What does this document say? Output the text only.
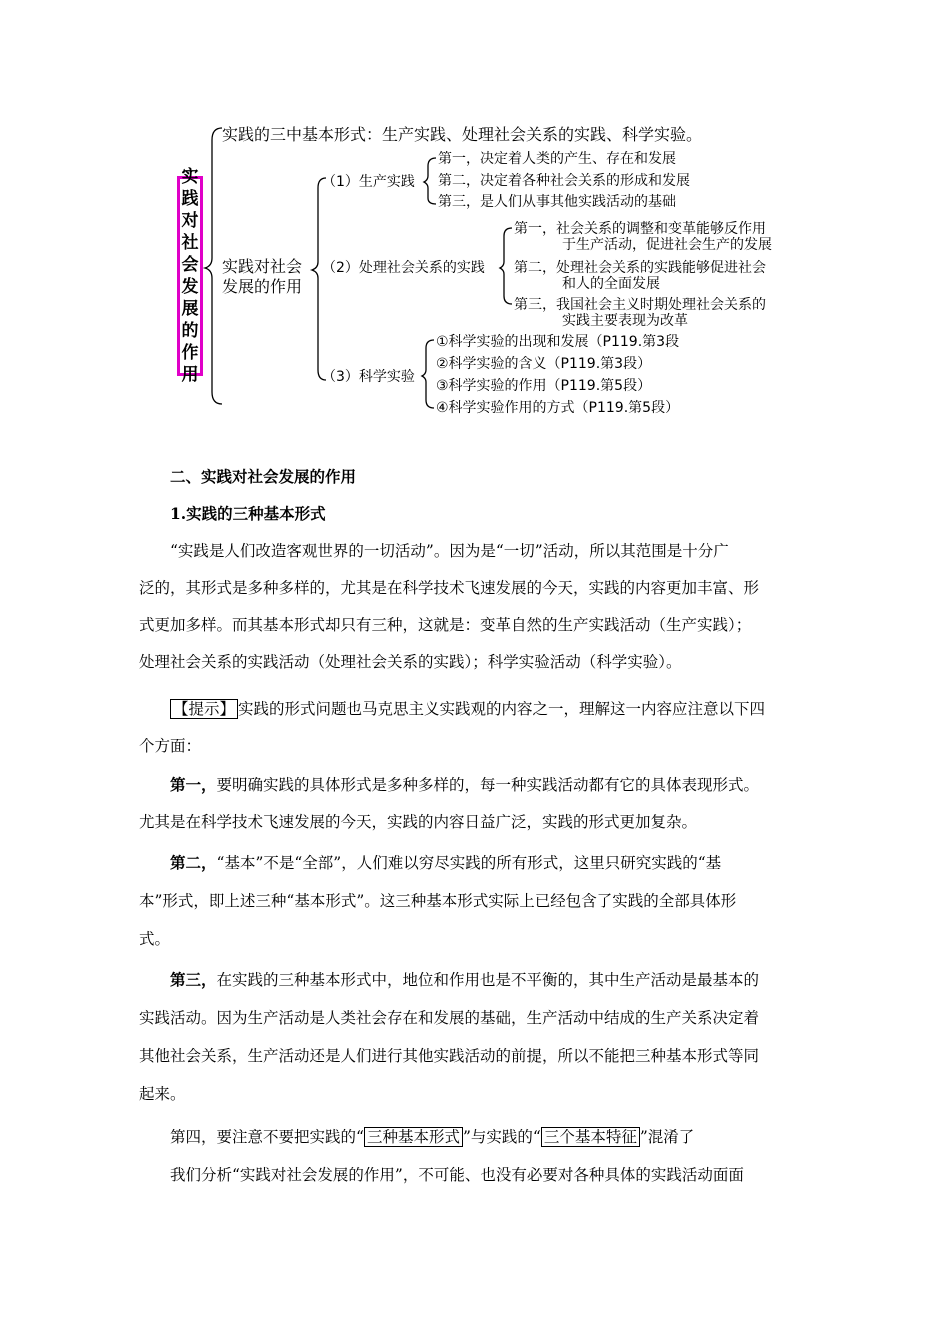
实
践
对
社
会
发
展
的
作
用
实践的三中基本形式：生产实践、处理社会关系的实践、科学实验。
实践对社会
发展的作用
（1）生产实践
第一，决定着人类的产生、存在和发展
第二，决定着各种社会关系的形成和发展
第三，是人们从事其他实践活动的基础
（2）处理社会关系的实践
第一，社会关系的调整和变革能够反作用
于生产活动，促进社会生产的发展
第二，处理社会关系的实践能够促进社会
和人的全面发展
第三，我国社会主义时期处理社会关系的
实践主要表现为改革
（3）科学实验
①科学实验的出现和发展（P119.第3段
②科学实验的含义（P119.第3段）
③科学实验的作用（P119.第5段）
④科学实验作用的方式（P119.第5段）
二、实践对社会发展的作用
1.实践的三种基本形式
“实践是人们改造客观世界的一切活动”。因为是“一切”活动，所以其范围是十分广
泛的，其形式是多种多样的，尤其是在科学技术飞速发展的今天，实践的内容更加丰富、形
式更加多样。而其基本形式却只有三种，这就是：变革自然的生产实践活动（生产实践）；
处理社会关系的实践活动（处理社会关系的实践）；科学实验活动（科学实验）。
【提示】 实践的形式问题也马克思主义实践观的内容之一，理解这一内容应注意以下四
个方面：
第一，要明确实践的具体形式是多种多样的，每一种实践活动都有它的具体表现形式。
尤其是在科学技术飞速发展的今天，实践的内容日益广泛，实践的形式更加复杂。
第二，“基本”不是“全部”，人们难以穷尽实践的所有形式，这里只研究实践的“基
本”形式，即上述三种“基本形式”。这三种基本形式实际上已经包含了实践的全部具体形
式。
第三，在实践的三种基本形式中，地位和作用也是不平衡的，其中生产活动是最基本的
实践活动。因为生产活动是人类社会存在和发展的基础，生产活动中结成的生产关系决定着
其他社会关系，生产活动还是人们进行其他实践活动的前提，所以不能把三种基本形式等同
起来。
第四，要注意不要把实践的“ 三种基本形式 ”与实践的“ 三个基本特征 ”混淆了
我们分析“实践对社会发展的作用”，不可能、也没有必要对各种具体的实践活动面面
